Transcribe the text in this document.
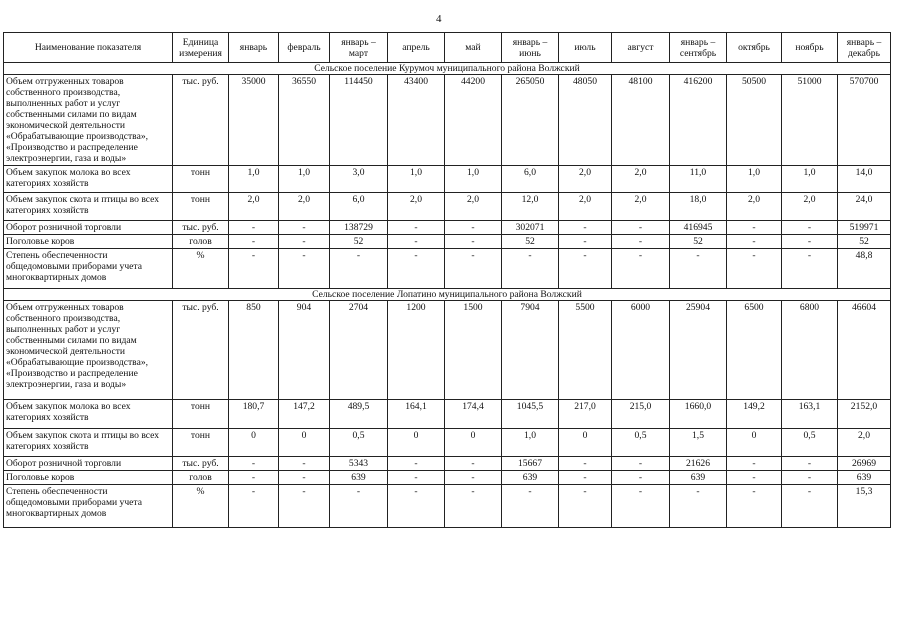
4
Наименование показателя	Единица измерения	январь	февраль	январь – март	апрель	май	январь – июнь	июль	август	январь – сентябрь	октябрь	ноябрь	январь – декабрь
Сельское поселение Курумоч муниципального района Волжский													
Объем отгруженных товаров собственного производства, выполненных работ и услуг собственными силами по видам экономической деятельности «Обрабатывающие производства», «Производство и распределение электроэнергии, газа и воды»	тыс. руб.	35000	36550	114450	43400	44200	265050	48050	48100	416200	50500	51000	570700
Объем закупок молока во всех категориях хозяйств	тонн	1,0	1,0	3,0	1,0	1,0	6,0	2,0	2,0	11,0	1,0	1,0	14,0
Объем закупок скота и птицы во всех категориях хозяйств	тонн	2,0	2,0	6,0	2,0	2,0	12,0	2,0	2,0	18,0	2,0	2,0	24,0
Оборот розничной торговли	тыс. руб.	-	-	138729	-	-	302071	-	-	416945	-	-	519971
Поголовье коров	голов	-	-	52	-	-	52	-	-	52	-	-	52
Степень обеспеченности общедомовыми приборами учета многоквартирных домов	%	-	-	-	-	-	-	-	-	-	-	-	48,8
Сельское поселение Лопатино муниципального района Волжский													
Объем отгруженных товаров собственного производства, выполненных работ и услуг собственными силами по видам экономической деятельности «Обрабатывающие производства», «Производство и распределение электроэнергии, газа и воды»	тыс. руб.	850	904	2704	1200	1500	7904	5500	6000	25904	6500	6800	46604
Объем закупок молока во всех категориях хозяйств	тонн	180,7	147,2	489,5	164,1	174,4	1045,5	217,0	215,0	1660,0	149,2	163,1	2152,0
Объем закупок скота и птицы во всех категориях хозяйств	тонн	0	0	0,5	0	0	1,0	0	0,5	1,5	0	0,5	2,0
Оборот розничной торговли	тыс. руб.	-	-	5343	-	-	15667	-	-	21626	-	-	26969
Поголовье коров	голов	-	-	639	-	-	639	-	-	639	-	-	639
Степень обеспеченности общедомовыми приборами учета многоквартирных домов	%	-	-	-	-	-	-	-	-	-	-	-	15,3
